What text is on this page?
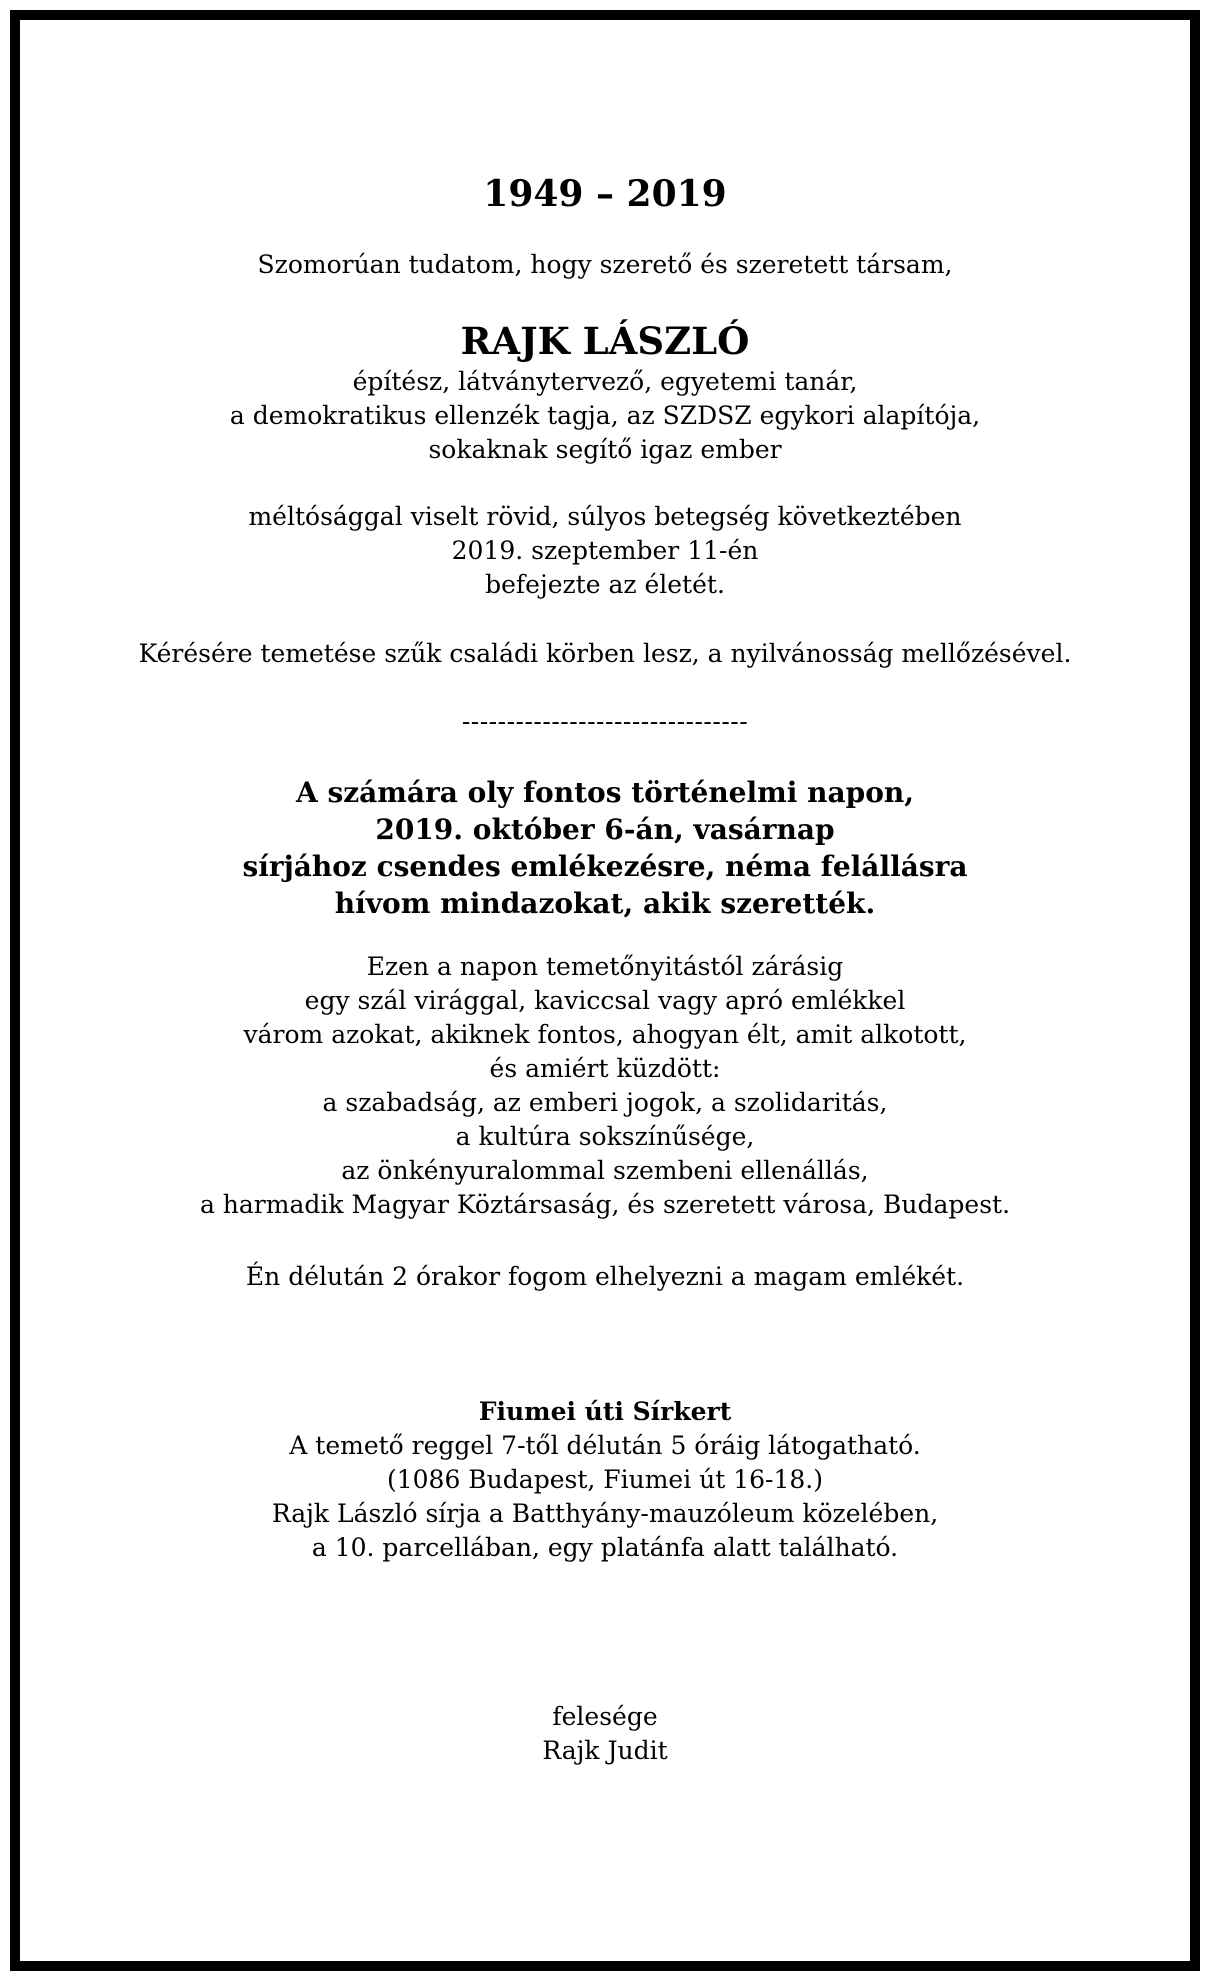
1949 – 2019
Szomorúan tudatom, hogy szerető és szeretett társam,
RAJK LÁSZLÓ
építész, látványtervező, egyetemi tanár,
a demokratikus ellenzék tagja, az SZDSZ egykori alapítója,
sokaknak segítő igaz ember
méltósággal viselt rövid, súlyos betegség következtében
2019. szeptember 11-én
befejezte az életét.
Kérésére temetése szűk családi körben lesz, a nyilvánosság mellőzésével.
--------------------------------
A számára oly fontos történelmi napon,
2019. október 6-án, vasárnap
sírjához csendes emlékezésre, néma felállásra
hívom mindazokat, akik szerették.
Ezen a napon temetőnyitástól zárásig
egy szál virággal, kaviccsal vagy apró emlékkel
várom azokat, akiknek fontos, ahogyan élt, amit alkotott,
és amiért küzdött:
a szabadság, az emberi jogok, a szolidaritás,
a kultúra sokszínűsége,
az önkényuralommal szembeni ellenállás,
a harmadik Magyar Köztársaság, és szeretett városa, Budapest.
Én délután 2 órakor fogom elhelyezni a magam emlékét.
Fiumei úti Sírkert
A temető reggel 7-től délután 5 óráig látogatható.
(1086 Budapest, Fiumei út 16-18.)
Rajk László sírja a Batthyány-mauzóleum közelében,
a 10. parcellában, egy platánfa alatt található.
felesége
Rajk Judit
